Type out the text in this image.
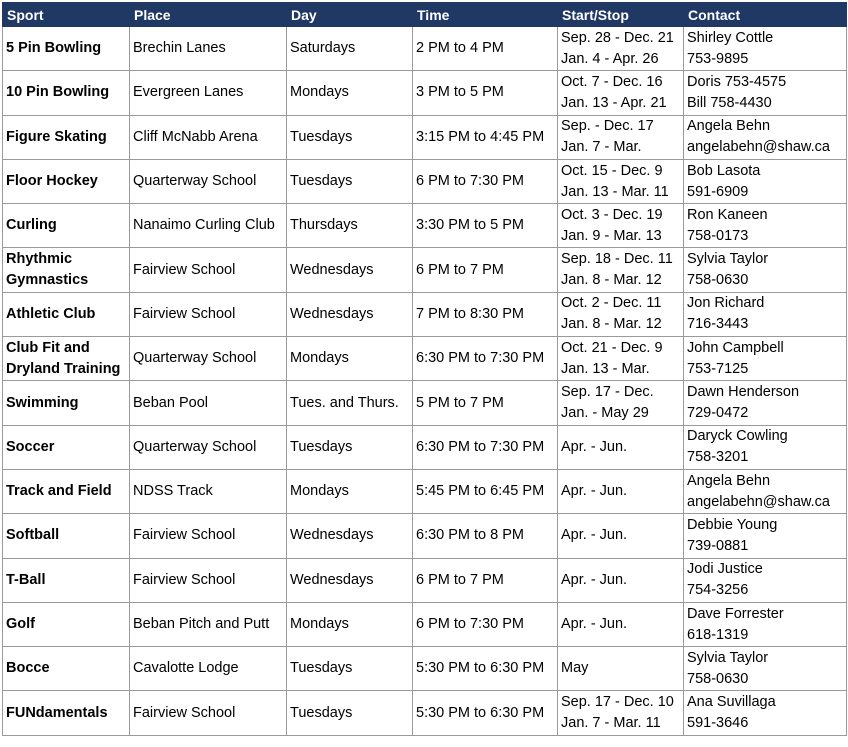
Sport	Place	Day	Time	Start/Stop	Contact
5 Pin Bowling	Brechin Lanes	Saturdays	2 PM to 4 PM	Sep. 28 - Dec. 21
Jan. 4 - Apr. 26	Shirley Cottle
753-9895

10 Pin Bowling	Evergreen Lanes	Mondays	3 PM to 5 PM	Oct. 7 - Dec. 16
Jan. 13 - Apr. 21	Doris 753-4575
Bill 758-4430

Figure Skating	Cliff McNabb Arena	Tuesdays	3:15 PM to 4:45 PM	Sep. - Dec. 17
Jan. 7 - Mar.	Angela Behn
angelabehn@shaw.ca

Floor Hockey	Quarterway School	Tuesdays	6 PM to 7:30 PM	Oct. 15 - Dec. 9
Jan. 13 - Mar. 11	Bob Lasota
591-6909

Curling	Nanaimo Curling Club	Thursdays	3:30 PM to 5 PM	Oct. 3 - Dec. 19
Jan. 9 - Mar. 13	Ron Kaneen
758-0173

Rhythmic Gymnastics	Fairview School	Wednesdays	6 PM to 7 PM	Sep. 18 - Dec. 11
Jan. 8 - Mar. 12	Sylvia Taylor
758-0630

Athletic Club	Fairview School	Wednesdays	7 PM to 8:30 PM	Oct. 2 - Dec. 11
Jan. 8 - Mar. 12	Jon Richard
716-3443

Club Fit and Dryland Training	Quarterway School	Mondays	6:30 PM to 7:30 PM	Oct. 21 - Dec. 9
Jan. 13 - Mar.	John Campbell
753-7125

Swimming	Beban Pool	Tues. and Thurs.	5 PM to 7 PM	Sep. 17 - Dec.
Jan. - May 29	Dawn Henderson
729-0472

Soccer	Quarterway School	Tuesdays	6:30 PM to 7:30 PM	Apr. - Jun.	Daryck Cowling
758-3201

Track and Field	NDSS Track	Mondays	5:45 PM to 6:45 PM	Apr. - Jun.	Angela Behn
angelabehn@shaw.ca

Softball	Fairview School	Wednesdays	6:30 PM to 8 PM	Apr. - Jun.	Debbie Young
739-0881

T-Ball	Fairview School	Wednesdays	6 PM to 7 PM	Apr. - Jun.	Jodi Justice
754-3256

Golf	Beban Pitch and Putt	Mondays	6 PM to 7:30 PM	Apr. - Jun.	Dave Forrester
618-1319

Bocce	Cavalotte Lodge	Tuesdays	5:30 PM to 6:30 PM	May	Sylvia Taylor
758-0630

FUNdamentals	Fairview School	Tuesdays	5:30 PM to 6:30 PM	Sep. 17 - Dec. 10
Jan. 7 - Mar. 11	Ana Suvillaga
591-3646
